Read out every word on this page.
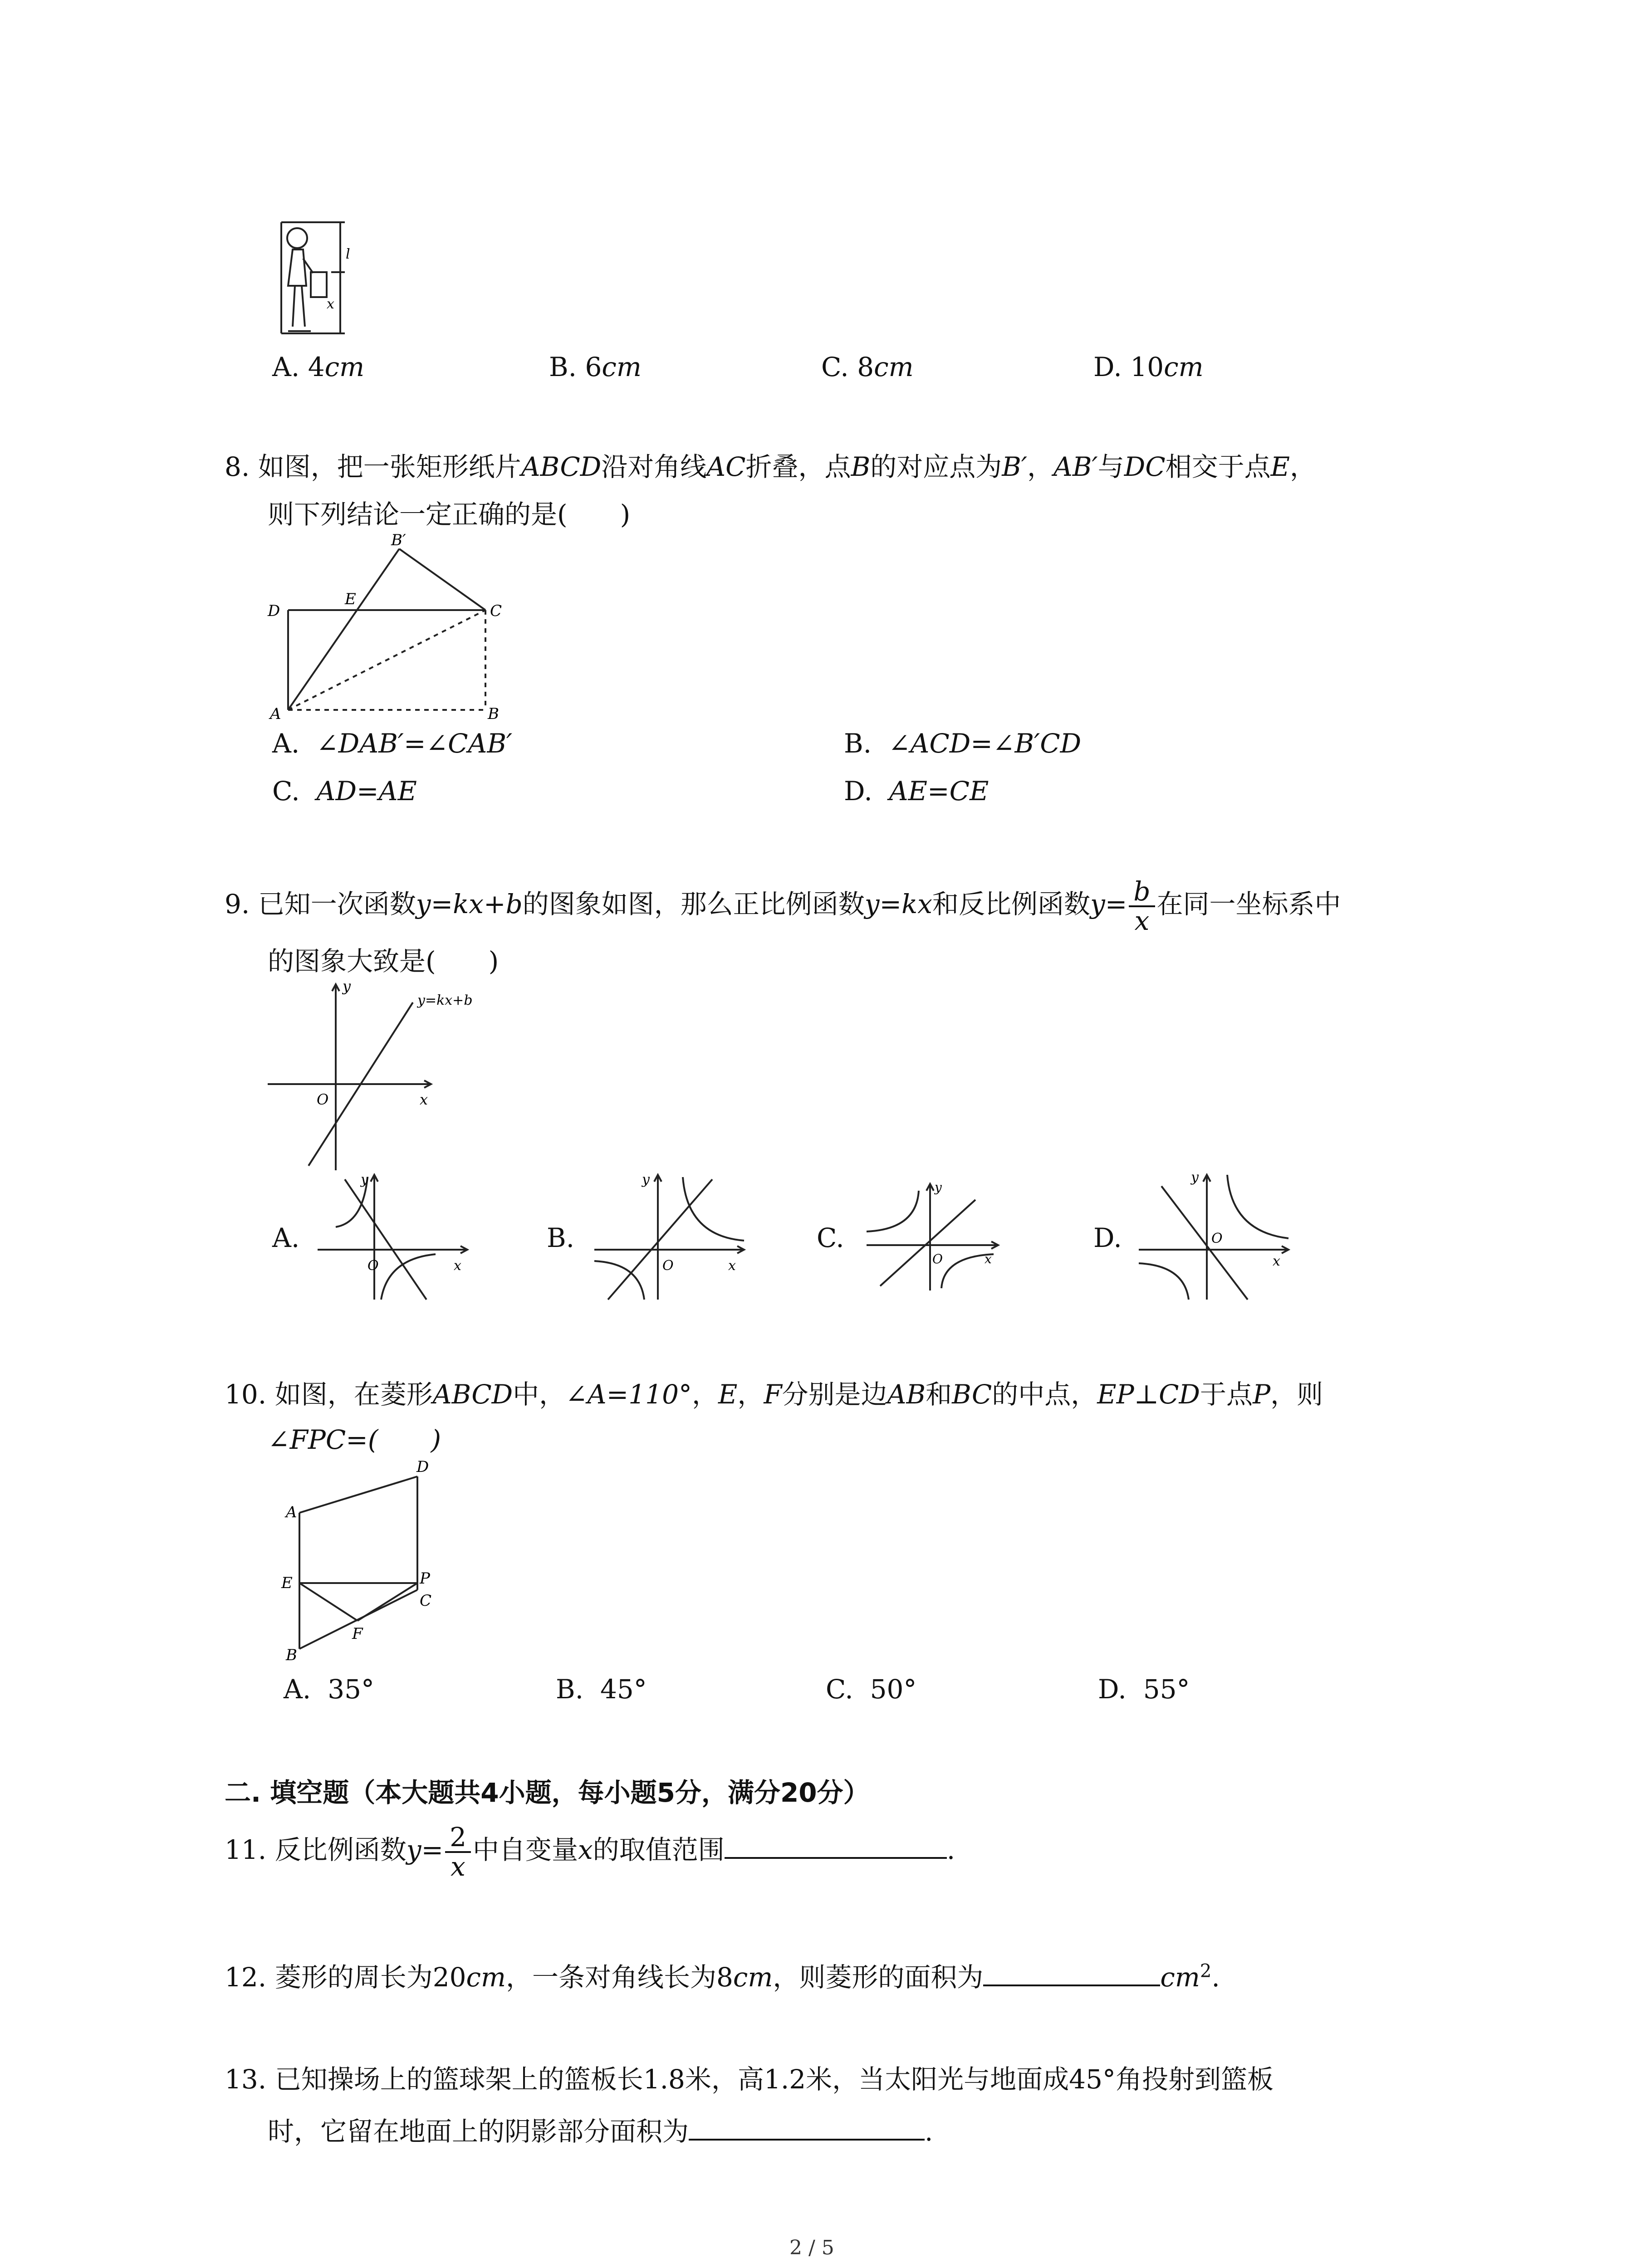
l
x
A. 4cm	B. 6cm	C. 8cm	D. 10cm
8. 如图，把一张矩形纸片ABCD沿对角线AC折叠，点B的对应点为B′，AB′与DC相交于点E，
则下列结论一定正确的是(　　)
B′
D
E
C
A	B
A. ∠DAB′=∠CAB′	B. ∠ACD=∠B′CD
C. AD=AE	D. AE=CE
9. 已知一次函数y=kx+b的图象如图，那么正比例函数y=kx和反比例函数$y= \frac{b}{x}$ 在同一坐标系中
的图象大致是(　　)
y
y=kx+b
O	x
A.
y
O	x
B.
y
O	x
C.
y
O	x
D.
y
O
x
10. 如图，在菱形ABCD中，∠A=110°，E，F分别是边AB和BC的中点，EP⊥CD于点P，则
∠FPC=(　　)
D
A
E	P
C
F
B
A. 35°	B. 45°	C. 50°	D. 55°
二. 填空题（本大题共4小题，每小题5分，满分20分）
11. 反比例函数$y= \frac{2}{x}$ 中自变量x的取值范围	.
12. 菱形的周长为20cm，一条对角线长为8cm，则菱形的面积为	$cm^2$.
13. 已知操场上的篮球架上的篮板长1.8米，高1.2米，当太阳光与地面成45°角投射到篮板
时，它留在地面上的阴影部分面积为	.
2 / 5
